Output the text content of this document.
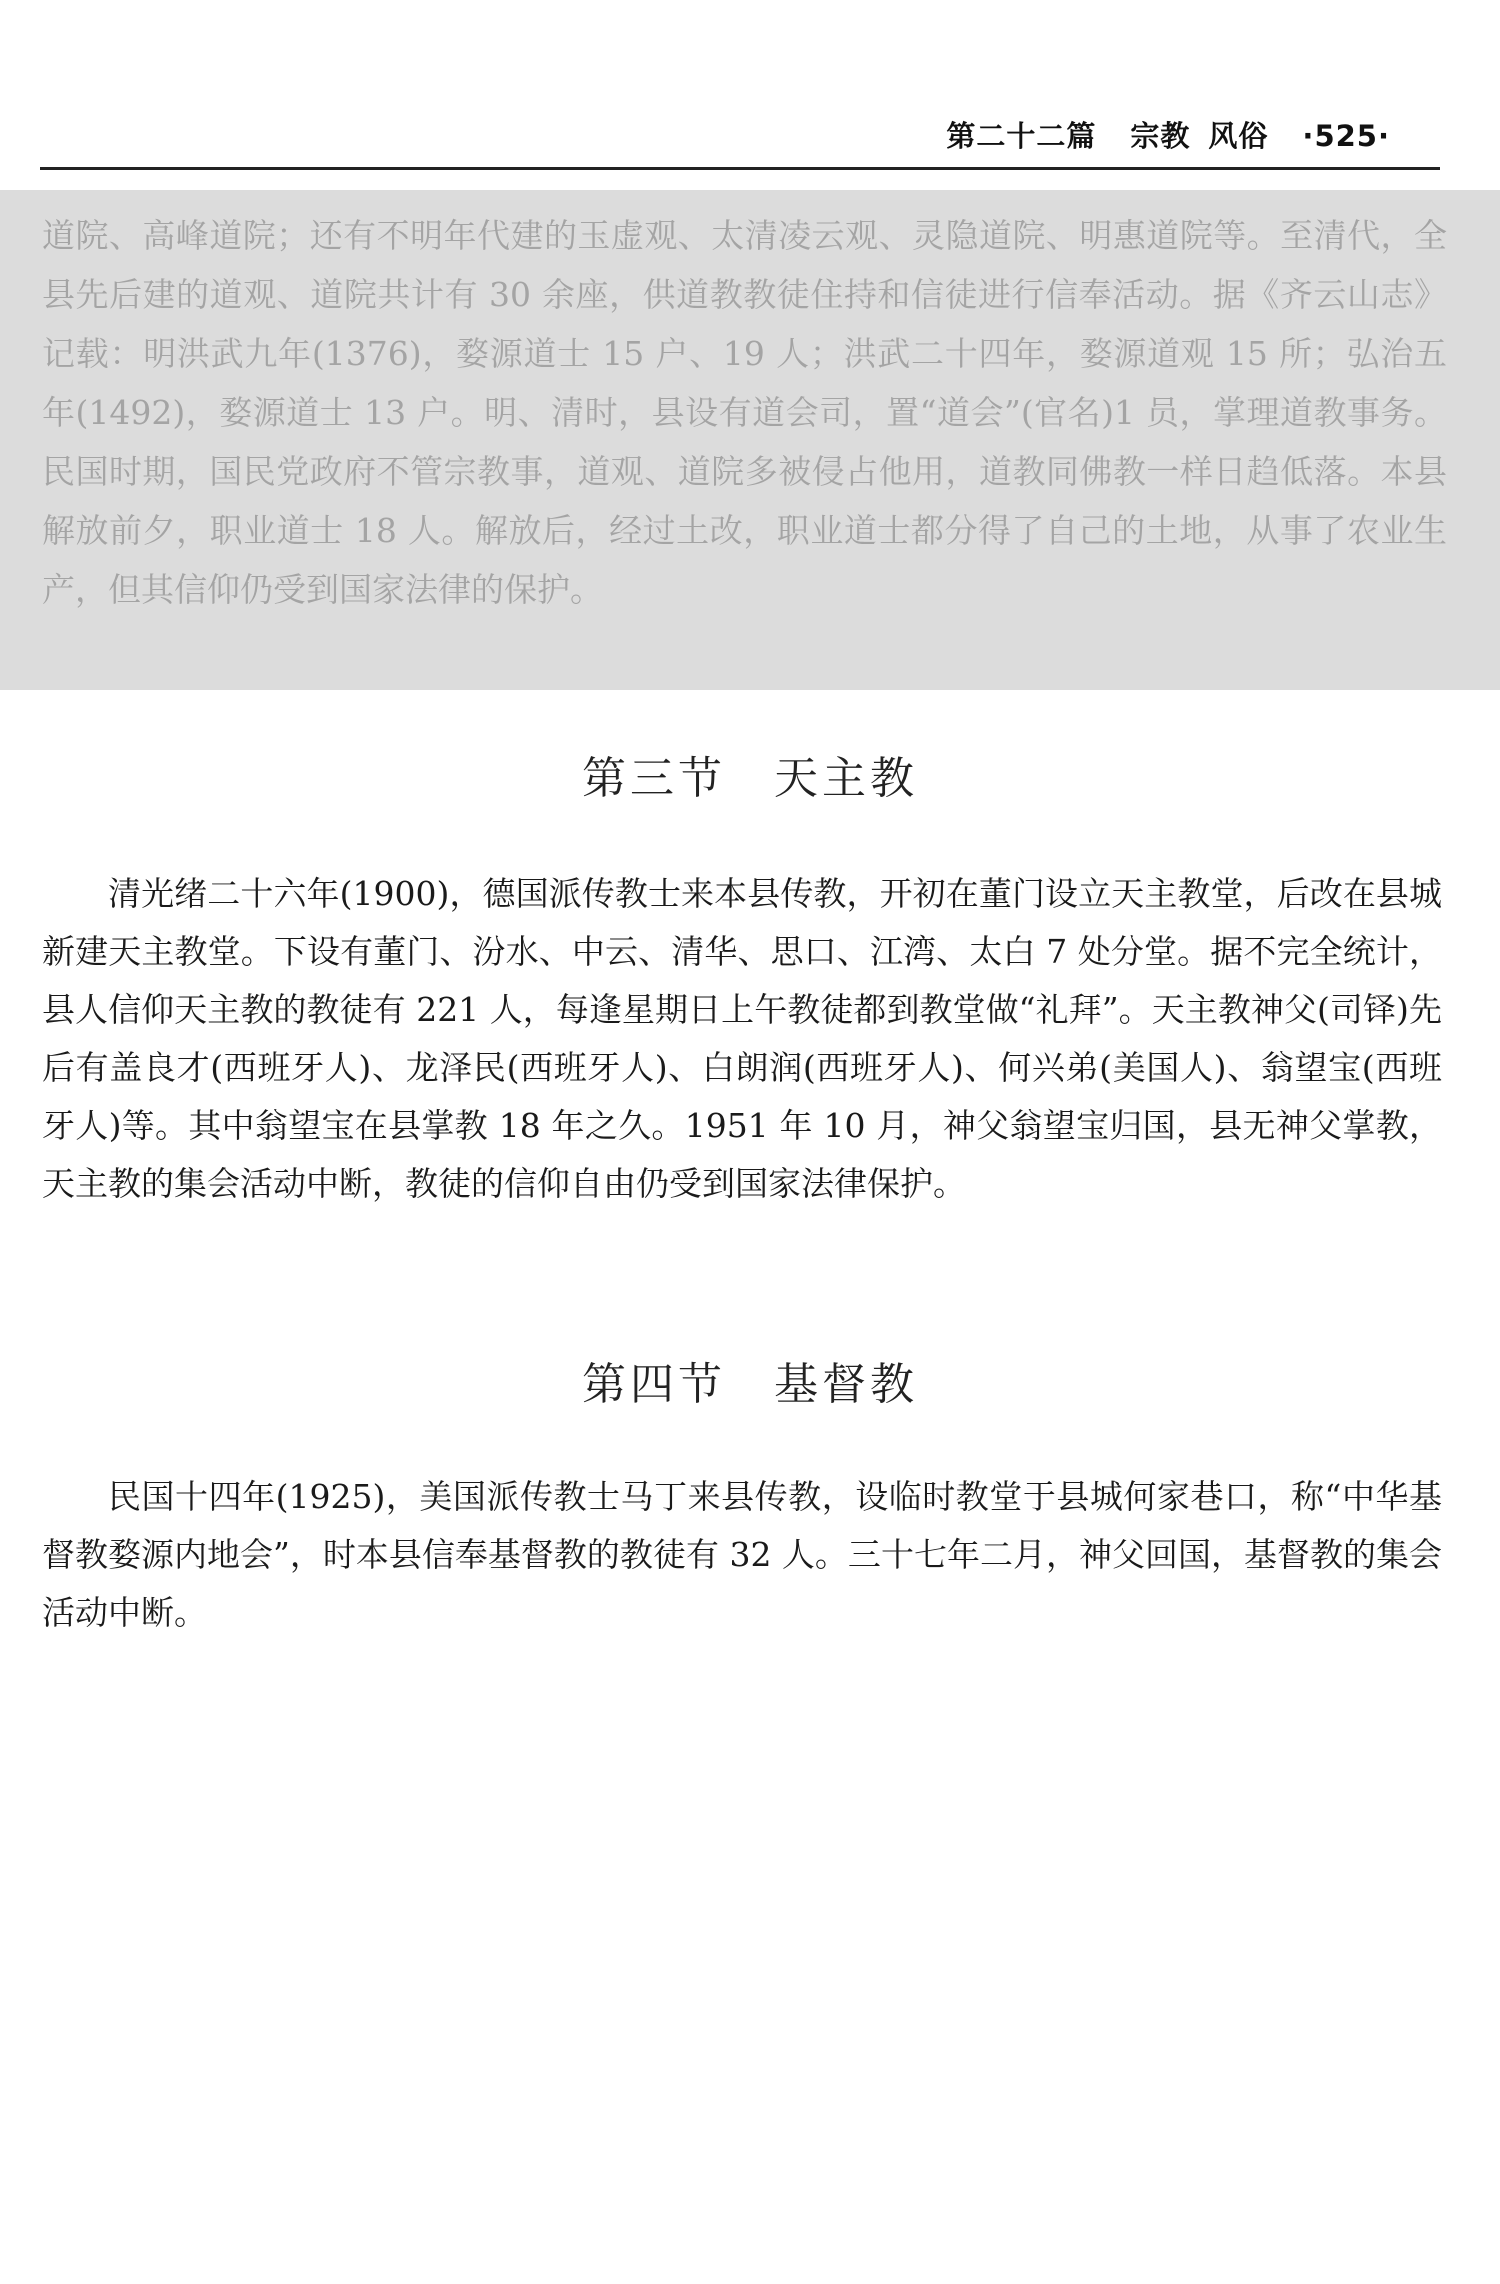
第二十二篇 宗教 风俗 ·525·
道院、高峰道院；还有不明年代建的玉虚观、太清凌云观、灵隐道院、明惠道院等。至清代，全县先后建的道观、道院共计有 30 余座，供道教教徒住持和信徒进行信奉活动。据《齐云山志》记载：明洪武九年(1376)，婺源道士 15 户、19 人；洪武二十四年，婺源道观 15 所；弘治五年(1492)，婺源道士 13 户。明、清时，县设有道会司，置“道会”(官名)1 员，掌理道教事务。民国时期，国民党政府不管宗教事，道观、道院多被侵占他用，道教同佛教一样日趋低落。本县解放前夕，职业道士 18 人。解放后，经过土改，职业道士都分得了自己的土地，从事了农业生产，但其信仰仍受到国家法律的保护。
第三节　天主教
清光绪二十六年(1900)，德国派传教士来本县传教，开初在董门设立天主教堂，后改在县城新建天主教堂。下设有董门、汾水、中云、清华、思口、江湾、太白 7 处分堂。据不完全统计，县人信仰天主教的教徒有 221 人，每逢星期日上午教徒都到教堂做“礼拜”。天主教神父(司铎)先后有盖良才(西班牙人)、龙泽民(西班牙人)、白朗润(西班牙人)、何兴弟(美国人)、翁望宝(西班牙人)等。其中翁望宝在县掌教 18 年之久。1951 年 10 月，神父翁望宝归国，县无神父掌教，天主教的集会活动中断，教徒的信仰自由仍受到国家法律保护。
第四节　基督教
民国十四年(1925)，美国派传教士马丁来县传教，设临时教堂于县城何家巷口，称“中华基督教婺源内地会”，时本县信奉基督教的教徒有 32 人。三十七年二月，神父回国，基督教的集会活动中断。
